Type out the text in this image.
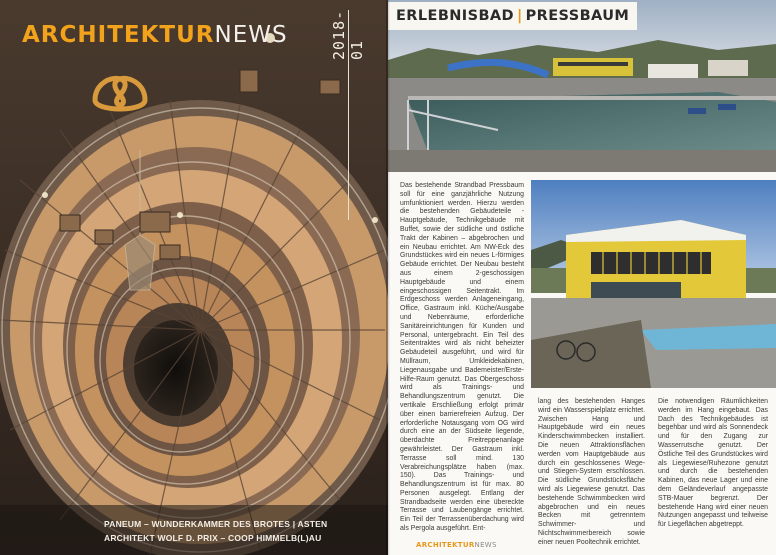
ARCHITEKTURNEWS	2018-01
PANEUM – WUNDERKAMMER DES BROTES | ASTEN
ARCHITEKT WOLF D. PRIX – COOP HIMMELB(L)AU
ERLEBNISBAD | PRESSBAUM
Das bestehende Strandbad Pressbaum soll für eine ganzjährliche Nutzung umfunktioniert werden. Hierzu werden die bestehenden Gebäudeteile - Hauptgebäude, Technikgebäude mit Buffet, sowie der südliche und östliche Trakt der Kabinen – abgebrochen und ein Neubau errichtet. Am NW-Eck des Grundstückes wird ein neues L-förmiges Gebäude errichtet. Der Neubau besteht aus einem 2-geschossigen Hauptgebäude und einem eingeschossigen Seitentrakt. Im Erdgeschoss werden Anlageneingang, Office, Gastraum inkl. Küche/Ausgabe und Nebenräume, erforderliche Sanitäreinrichtungen für Kunden und Personal, untergebracht. Ein Teil des Seitentraktes wird als nicht beheizter Gebäudeteil ausgeführt, und wird für Müllraum, Umkleidekabinen, Liegenausgabe und Bademeister/Erste-Hilfe-Raum genutzt. Das Obergeschoss wird als Trainings- und Behandlungszentrum genutzt. Die vertikale Erschließung erfolgt primär über einen barrierefreien Aufzug. Der erforderliche Notausgang vom OG wird durch eine an der Südseite liegende, überdachte Freitreppenanlage gewährleistet. Der Gastraum inkl. Terrasse soll mind. 130 Verabreichungsplätze haben (max. 150). Das Trainings- und Behandlungszentrum ist für max. 80 Personen ausgelegt. Entlang der Strandbadseite werden eine übereckte Terrasse und Laubengänge errichtet. Ein Teil der Terrassenüberdachung wird als Pergola ausgeführt. Ent-
lang des bestehenden Hanges wird ein Wasserspielplatz errichtet. Zwischen Hang und Hauptgebäude wird ein neues Kinderschwimmbecken installiert. Die neuen Attraktionsflächen werden vom Hauptgebäude aus durch ein geschlossenes Wege- und Stiegen-System erschlossen. Die südliche Grundstücksfläche wird als Liegewiese genutzt. Das bestehende Schwimmbecken wird abgebrochen und ein neues Becken mit getrenntem Schwimmer- und Nichtschwimmerbereich sowie einer neuen Pooltechnik errichtet.
Die notwendigen Räumlichkeiten werden im Hang eingebaut. Das Dach des Technikgebäudes ist begehbar und wird als Sonnendeck und für den Zugang zur Wasserrutsche genutzt. Der Östliche Teil des Grundstückes wird als Liegewiese/Ruhezone genutzt und durch die bestehenden Kabinen, das neue Lager und eine dem Geländeverlauf angepasste STB-Mauer begrenzt. Der bestehende Hang wird einer neuen Nutzungen angepasst und teilweise für Liegeflächen abgetreppt.
ARCHITEKTURNEWS
